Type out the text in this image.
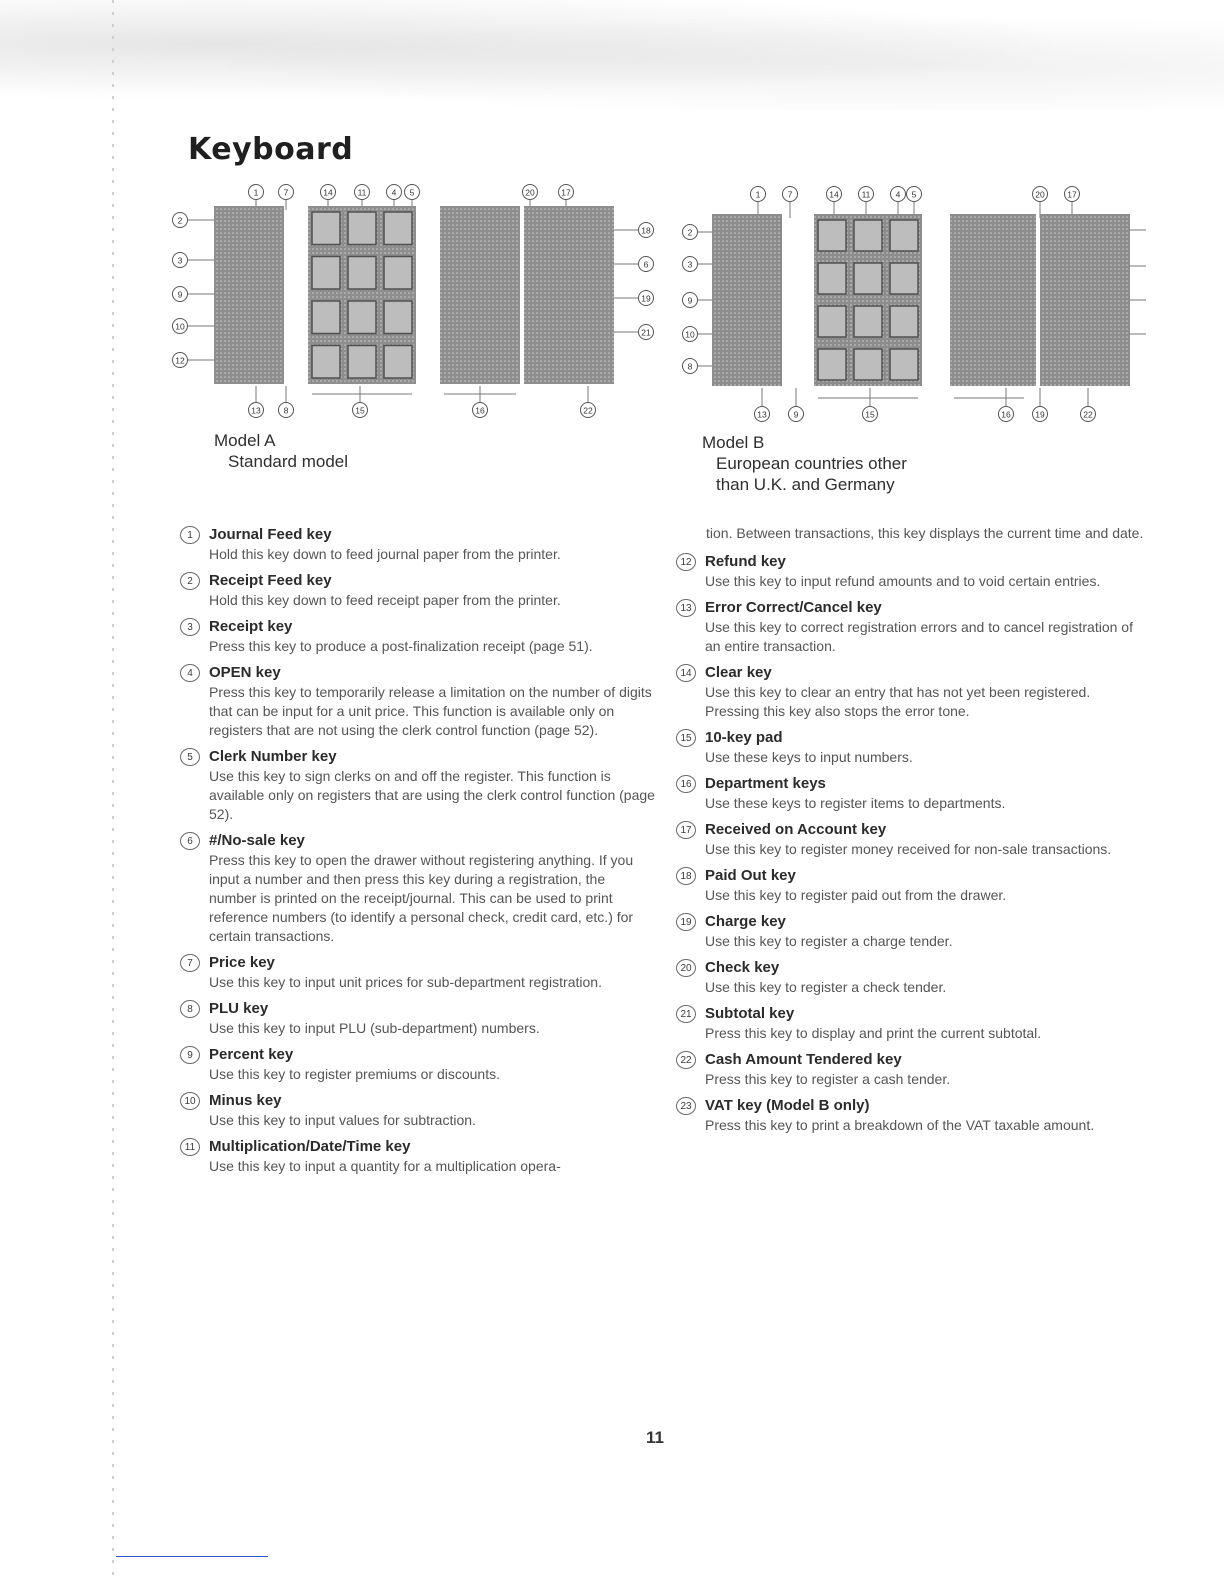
Keyboard
1	7	14	11	4 5	20	17
2
3
9
10
12
18
6
19
21
13	8	15	16	22
Model A
Standard model
1	7	14	11	4 5	20	17
2
3
9
10
8
13	9	15	16	19	22
Model B
European countries other
than U.K. and Germany
1	Journal Feed key
Hold this key down to feed journal paper from the printer.
2	Receipt Feed key
Hold this key down to feed receipt paper from the printer.
3	Receipt key
Press this key to produce a post-finalization receipt (page 51).
4	OPEN key
Press this key to temporarily release a limitation on the number of digits that can be input for a unit price. This function is available only on registers that are not using the clerk control function (page 52).
5	Clerk Number key
Use this key to sign clerks on and off the register. This function is available only on registers that are using the clerk control function (page 52).
6	#/No-sale key
Press this key to open the drawer without registering anything. If you input a number and then press this key during a registration, the number is printed on the receipt/journal. This can be used to print reference numbers (to identify a personal check, credit card, etc.) for certain transactions.
7	Price key
Use this key to input unit prices for sub-department registration.
8	PLU key
Use this key to input PLU (sub-department) numbers.
9	Percent key
Use this key to register premiums or discounts.
10 Minus key
Use this key to input values for subtraction.
11 Multiplication/Date/Time key
Use this key to input a quantity for a multiplication opera-
tion. Between transactions, this key displays the current time and date.
12 Refund key
Use this key to input refund amounts and to void certain entries.
13 Error Correct/Cancel key
Use this key to correct registration errors and to cancel registration of an entire transaction.
14 Clear key
Use this key to clear an entry that has not yet been registered. Pressing this key also stops the error tone.
15 10-key pad
Use these keys to input numbers.
16 Department keys
Use these keys to register items to departments.
17 Received on Account key
Use this key to register money received for non-sale transactions.
18 Paid Out key
Use this key to register paid out from the drawer.
19 Charge key
Use this key to register a charge tender.
20 Check key
Use this key to register a check tender.
21 Subtotal key
Press this key to display and print the current subtotal.
22 Cash Amount Tendered key
Press this key to register a cash tender.
23 VAT key (Model B only)
Press this key to print a breakdown of the VAT taxable amount.
11
